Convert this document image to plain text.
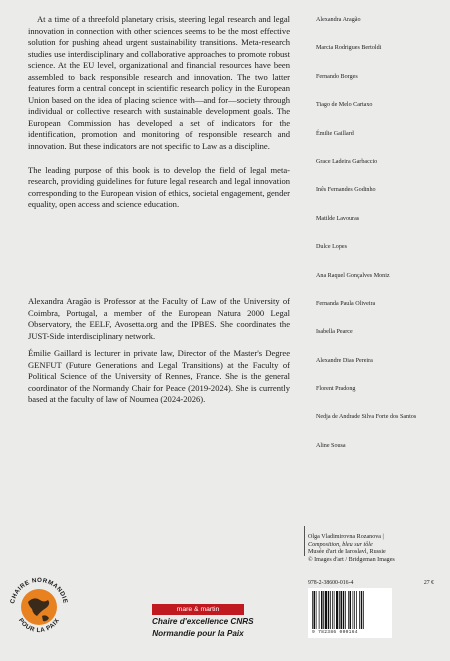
At a time of a threefold planetary crisis, steering legal research and legal innovation in connection with other sciences seems to be the most effective solution for pushing ahead urgent sustainability transitions. Meta-research studies use interdisciplinary and collaborative approaches to promote robust science. At the EU level, organizational and financial resources have been assembled to back responsible research and innovation. The two latter features form a central concept in scientific research policy in the European Union based on the idea of placing science with—and for—society through individual or collective research with sustainable development goals. The European Commission has developed a set of indicators for the identification, promotion and monitoring of responsible research and innovation. But these indicators are not specific to Law as a discipline.

The leading purpose of this book is to develop the field of legal meta-research, providing guidelines for future legal research and legal innovation corresponding to the European vision of ethics, societal engagement, gender equality, open access and science education.

Alexandra Aragão is Professor at the Faculty of Law of the University of Coimbra, Portugal, a member of the European Natura 2000 Legal Observatory, the EELF, Avosetta.org and the IPBES. She coordinates the JUST-Side interdisciplinary network.

Émilie Gaillard is lecturer in private law, Director of the Master's Degree GENFUT (Future Generations and Legal Transitions) at the Faculty of Political Science of the University of Rennes, France. She is the general coordinator of the Normandy Chair for Peace (2019-2024). She is currently based at the faculty of law of Noumea (2024-2026).

Alexandra Aragão
Marcia Rodrigues Bertoldi
Fernando Borges
Tiago de Melo Cartaxo
Émilie Gaillard
Grace Ladeira Garbaccio
Inês Fernandes Godinho
Matilde Lavouras
Dulce Lopes
Ana Raquel Gonçalves Moniz
Fernanda Paula Oliveira
Isabella Pearce
Alexandre Dias Pereira
Florent Pradong
Nedja de Andrade Silva Forte dos Santos
Aline Sousa
Olga Vladimirovna Rozanova |
Composition, bleu sur tôle
Musée d'art de Iaroslavl, Russie
© Images d'art / Bridgeman Images
978-2-38600-016-4	27 €
9 782386 000164
CHAIRE NORMANDIE
POUR LA PAIX
mare & martin
Chaire d'excellence CNRS
Normandie pour la Paix
